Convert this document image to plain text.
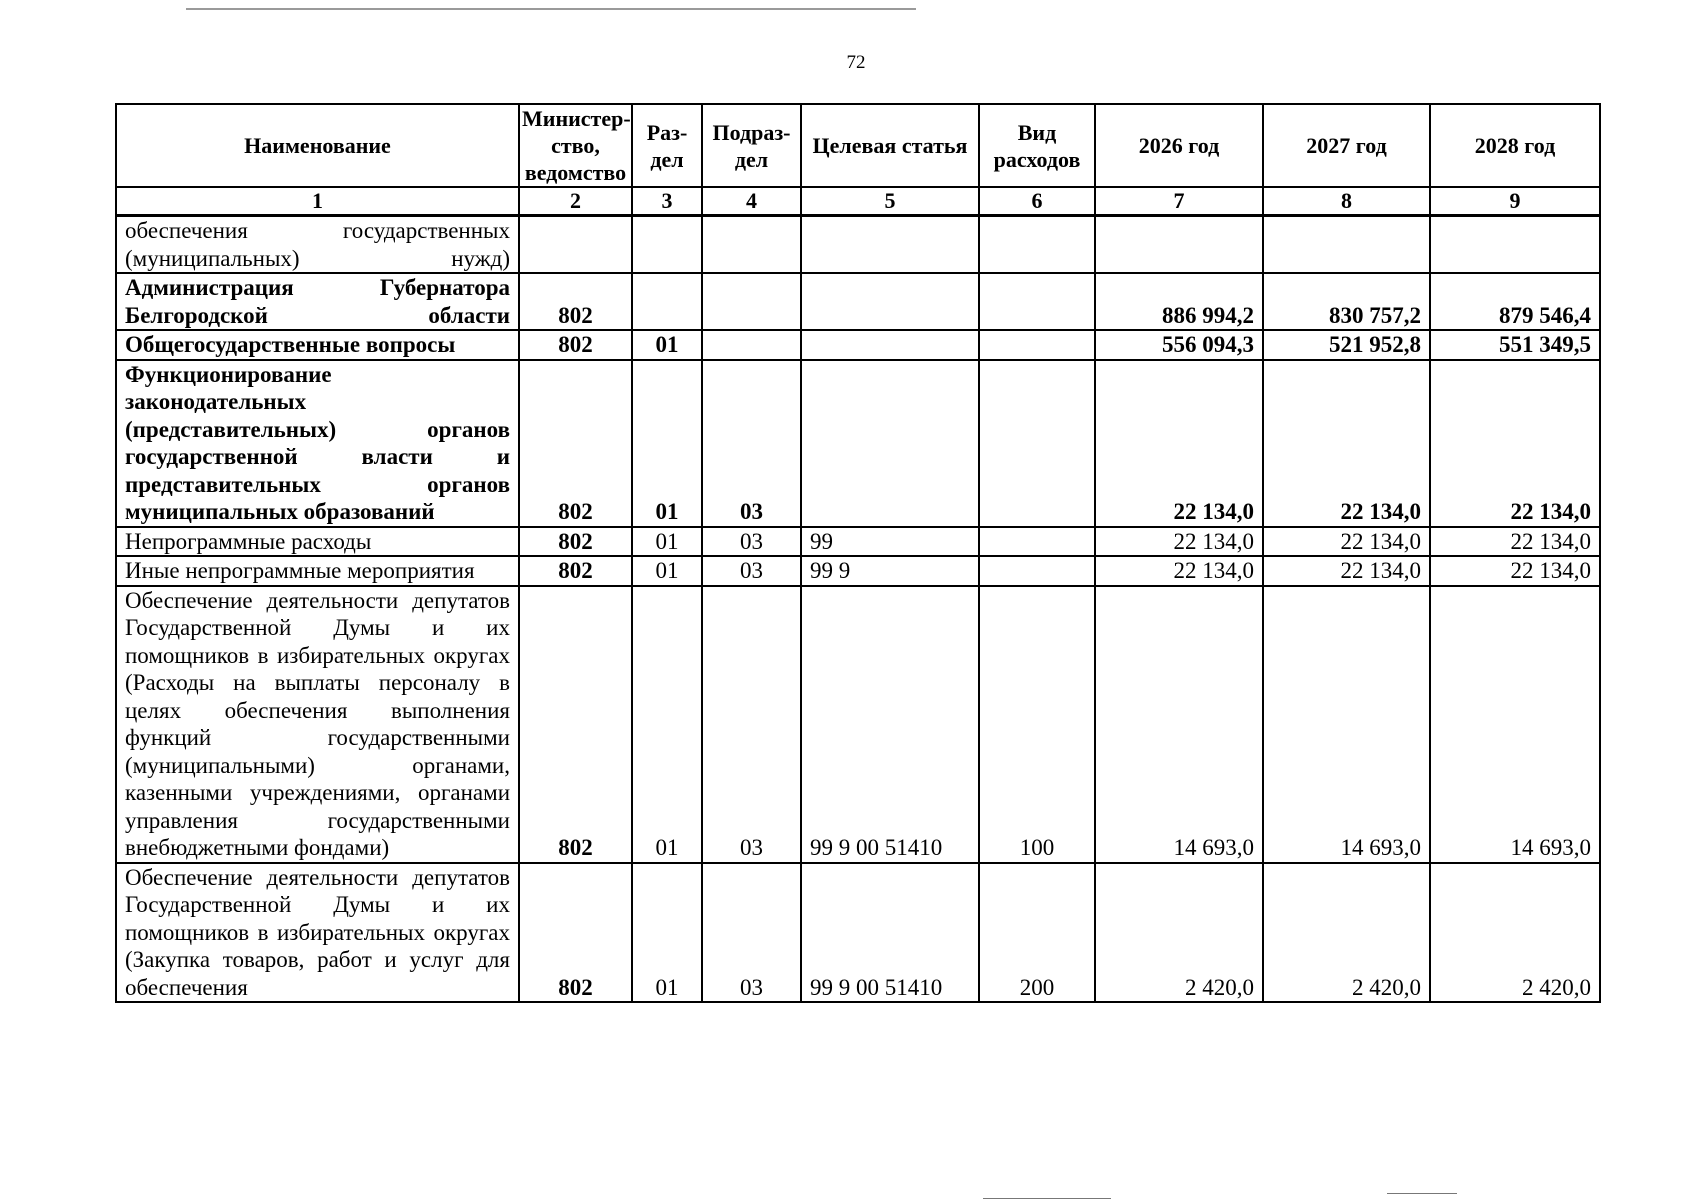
72
Наименование	Министер-ство, ведомство	Раз-дел	Подраз-дел	Целевая статья	Вид расходов	2026 год	2027 год	2028 год
1	2	3	4	5	6	7	8	9
обеспечения государственных (муниципальных) нужд)								
Администрация Губернатора Белгородской области	802					886 994,2	830 757,2	879 546,4
Общегосударственные вопросы	802	01				556 094,3	521 952,8	551 349,5
Функционирование законодательных (представительных) органов государственной власти и представительных органов муниципальных образований	802	01	03			22 134,0	22 134,0	22 134,0
Непрограммные расходы	802	01	03	99		22 134,0	22 134,0	22 134,0
Иные непрограммные мероприятия	802	01	03	99 9		22 134,0	22 134,0	22 134,0
Обеспечение деятельности депутатов Государственной Думы и их помощников в избирательных округах (Расходы на выплаты персоналу в целях обеспечения выполнения функций государственными (муниципальными) органами, казенными учреждениями, органами управления государственными внебюджетными фондами)	802	01	03	99 9 00 51410	100	14 693,0	14 693,0	14 693,0
Обеспечение деятельности депутатов Государственной Думы и их помощников в избирательных округах (Закупка товаров, работ и услуг для обеспечения	802	01	03	99 9 00 51410	200	2 420,0	2 420,0	2 420,0
